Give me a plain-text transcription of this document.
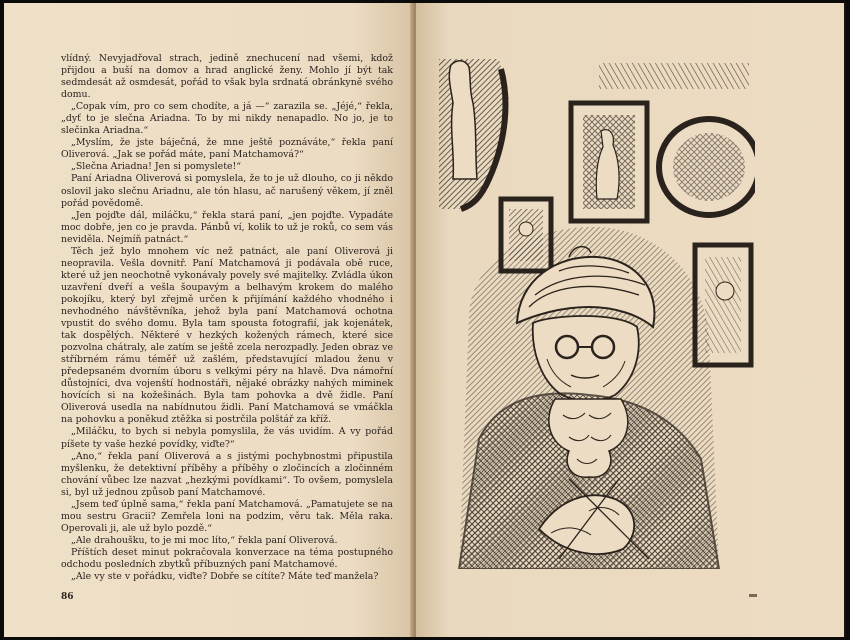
vlídný. Nevyjadřoval strach, jedině znechucení nad všemi, kdož přijdou a buší na domov a hrad anglické ženy. Mohlo jí být tak sedmdesát až osmdesát, pořád to však byla srdnatá obránkyně svého domu.

„Copak vím, pro co sem chodíte, a já —“ zarazila se. „Jéjé,“ řekla, „dyť to je slečna Ariadna. To by mi nikdy nenapadlo. No jo, je to slečinka Ariadna.“

„Myslím, že jste báječná, že mne ještě poznáváte,“ řekla paní Oliverová. „Jak se pořád máte, paní Matchamová?“

„Slečna Ariadna! Jen si pomyslete!“

Paní Ariadna Oliverová si pomyslela, že to je už dlouho, co ji někdo oslovil jako slečnu Ariadnu, ale tón hlasu, ač narušený věkem, jí zněl pořád povědomě.

„Jen pojďte dál, miláčku,“ řekla stará paní, „jen pojďte. Vypadáte moc dobře, jen co je pravda. Pánbů ví, kolik to už je roků, co sem vás neviděla. Nejmíň patnáct.“

Těch jež bylo mnohem víc než patnáct, ale paní Oliverová ji neopravila. Vešla dovnitř. Paní Matchamová ji podávala obě ruce, které už jen neochotně vykonávaly povely své majitelky. Zvládla úkon uzavření dveří a vešla šoupavým a belhavým krokem do malého pokojíku, který byl zřejmě určen k přijímání každého vhodného i nevhodného návštěvníka, jehož byla paní Matchamová ochotna vpustit do svého domu. Byla tam spousta fotografií, jak kojenátek, tak dospělých. Některé v hezkých kožených rámech, které sice pozvolna chátraly, ale zatím se ještě zcela nerozpadly. Jeden obraz ve stříbrném rámu téměř už zašlém, představující mladou ženu v předepsaném dvorním úboru s velkými péry na hlavě. Dva námořní důstojníci, dva vojenští hodnostáři, nějaké obrázky nahých miminek hovících si na kožešinách. Byla tam pohovka a dvě židle. Paní Oliverová usedla na nabídnutou židli. Paní Matchamová se vmáčkla na pohovku a poněkud ztěžka si postrčila polštář za kříž.

„Miláčku, to bych si nebyla pomyslila, že vás uvidím. A vy pořád píšete ty vaše hezké povídky, viďte?“

„Ano,“ řekla paní Oliverová a s jistými pochybnostmi připustila myšlenku, že detektivní příběhy a příběhy o zločincích a zločinném chování vůbec lze nazvat „hezkými povídkami“. To ovšem, pomyslela si, byl už jednou způsob paní Matchamové.

„Jsem teď úplně sama,“ řekla paní Matchamová. „Pamatujete se na mou sestru Gracii? Zemřela loni na podzim, věru tak. Měla raka. Operovali ji, ale už bylo pozdě.“

„Ale drahoušku, to je mi moc líto,“ řekla paní Oliverová.

Příštích deset minut pokračovala konverzace na téma postupného odchodu posledních zbytků příbuzných paní Matchamové.

„Ale vy ste v pořádku, viďte? Dobře se cítíte? Máte teď manžela?

86
